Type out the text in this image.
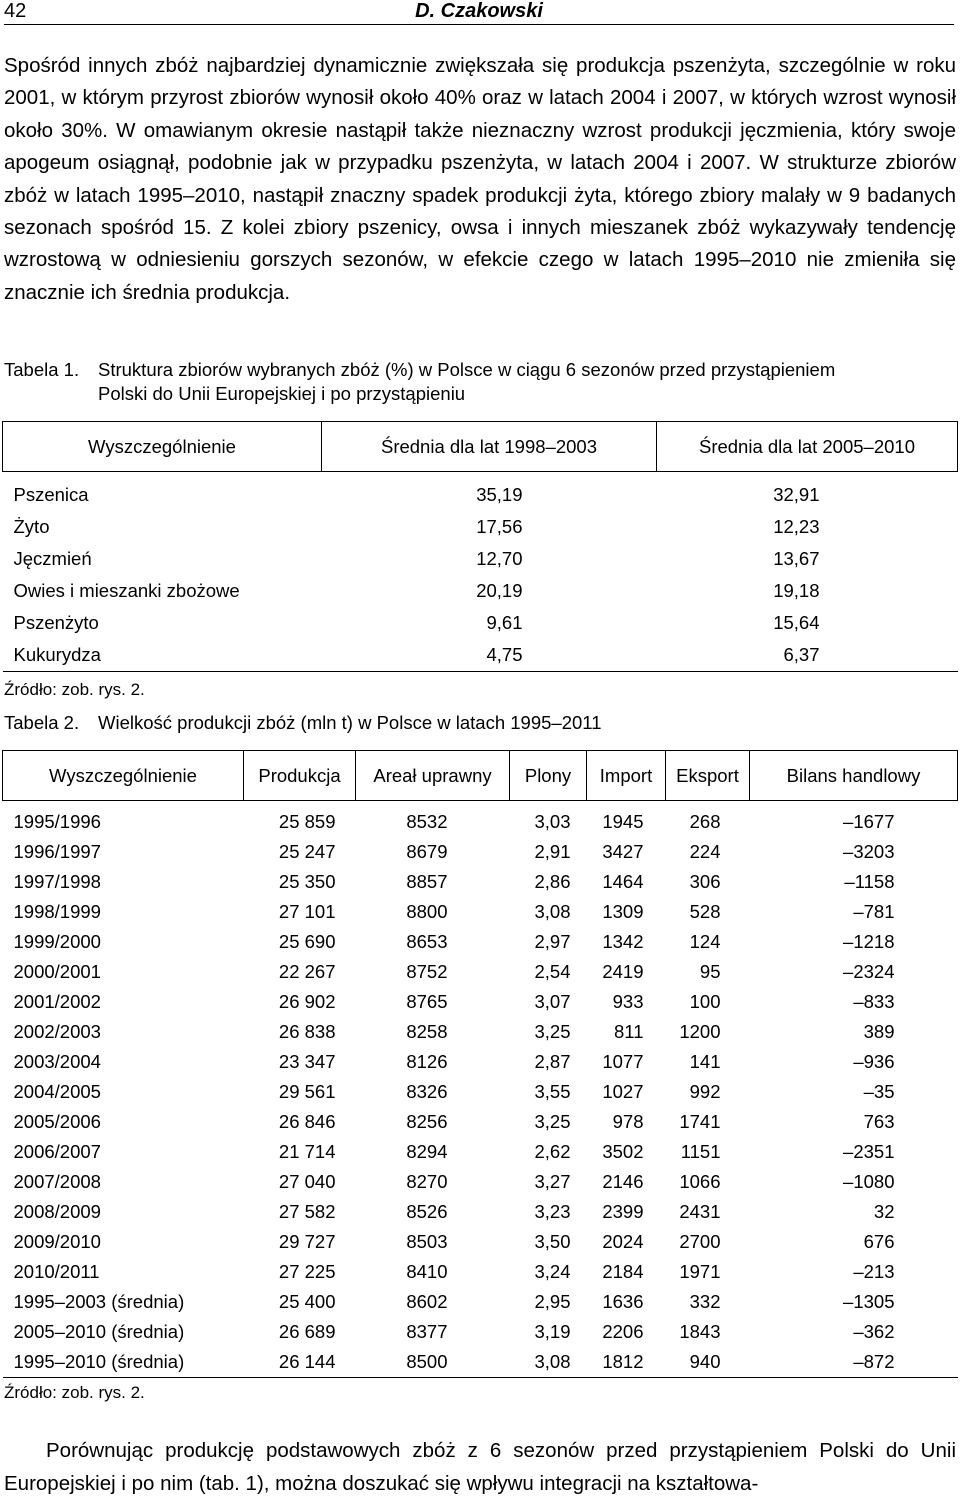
42	D. Czakowski

Spośród innych zbóż najbardziej dynamicznie zwiększała się produkcja pszenżyta, szczególnie w roku 2001, w którym przyrost zbiorów wynosił około 40% oraz w latach 2004 i 2007, w których wzrost wynosił około 30%. W omawianym okresie nastąpił także nieznaczny wzrost produkcji jęczmienia, który swoje apogeum osiągnął, podobnie jak w przypadku pszenżyta, w latach 2004 i 2007. W strukturze zbiorów zbóż w latach 1995–2010, nastąpił znaczny spadek produkcji żyta, którego zbiory malały w 9 badanych sezonach spośród 15. Z kolei zbiory pszenicy, owsa i innych mieszanek zbóż wykazywały tendencję wzrostową w odniesieniu gorszych sezonów, w efekcie czego w latach 1995–2010 nie zmieniła się znacznie ich średnia produkcja.

Tabela 1. Struktura zbiorów wybranych zbóż (%) w Polsce w ciągu 6 sezonów przed przystąpieniem
Polski do Unii Europejskiej i po przystąpieniu
Wyszczególnienie	Średnia dla lat 1998–2003	Średnia dla lat 2005–2010
Pszenica	35,19	32,91
Żyto	17,56	12,23
Jęczmień	12,70	13,67
Owies i mieszanki zbożowe	20,19	19,18
Pszenżyto	9,61	15,64
Kukurydza	4,75	6,37

Źródło: zob. rys. 2.

Tabela 2. Wielkość produkcji zbóż (mln t) w Polsce w latach 1995–2011
Wyszczególnienie	Produkcja	Areał uprawny	Plony	Import	Eksport	Bilans handlowy
1995/1996	25 859	8532	3,03	1945	268	–1677
1996/1997	25 247	8679	2,91	3427	224	–3203
1997/1998	25 350	8857	2,86	1464	306	–1158
1998/1999	27 101	8800	3,08	1309	528	–781
1999/2000	25 690	8653	2,97	1342	124	–1218
2000/2001	22 267	8752	2,54	2419	95	–2324
2001/2002	26 902	8765	3,07	933	100	–833
2002/2003	26 838	8258	3,25	811	1200	389
2003/2004	23 347	8126	2,87	1077	141	–936
2004/2005	29 561	8326	3,55	1027	992	–35
2005/2006	26 846	8256	3,25	978	1741	763
2006/2007	21 714	8294	2,62	3502	1151	–2351
2007/2008	27 040	8270	3,27	2146	1066	–1080
2008/2009	27 582	8526	3,23	2399	2431	32
2009/2010	29 727	8503	3,50	2024	2700	676
2010/2011	27 225	8410	3,24	2184	1971	–213
1995–2003 (średnia)	25 400	8602	2,95	1636	332	–1305
2005–2010 (średnia)	26 689	8377	3,19	2206	1843	–362
1995–2010 (średnia)	26 144	8500	3,08	1812	940	–872

Źródło: zob. rys. 2.

Porównując produkcję podstawowych zbóż z 6 sezonów przed przystąpieniem Polski do Unii Europejskiej i po nim (tab. 1), można doszukać się wpływu integracji na kształtowa-
